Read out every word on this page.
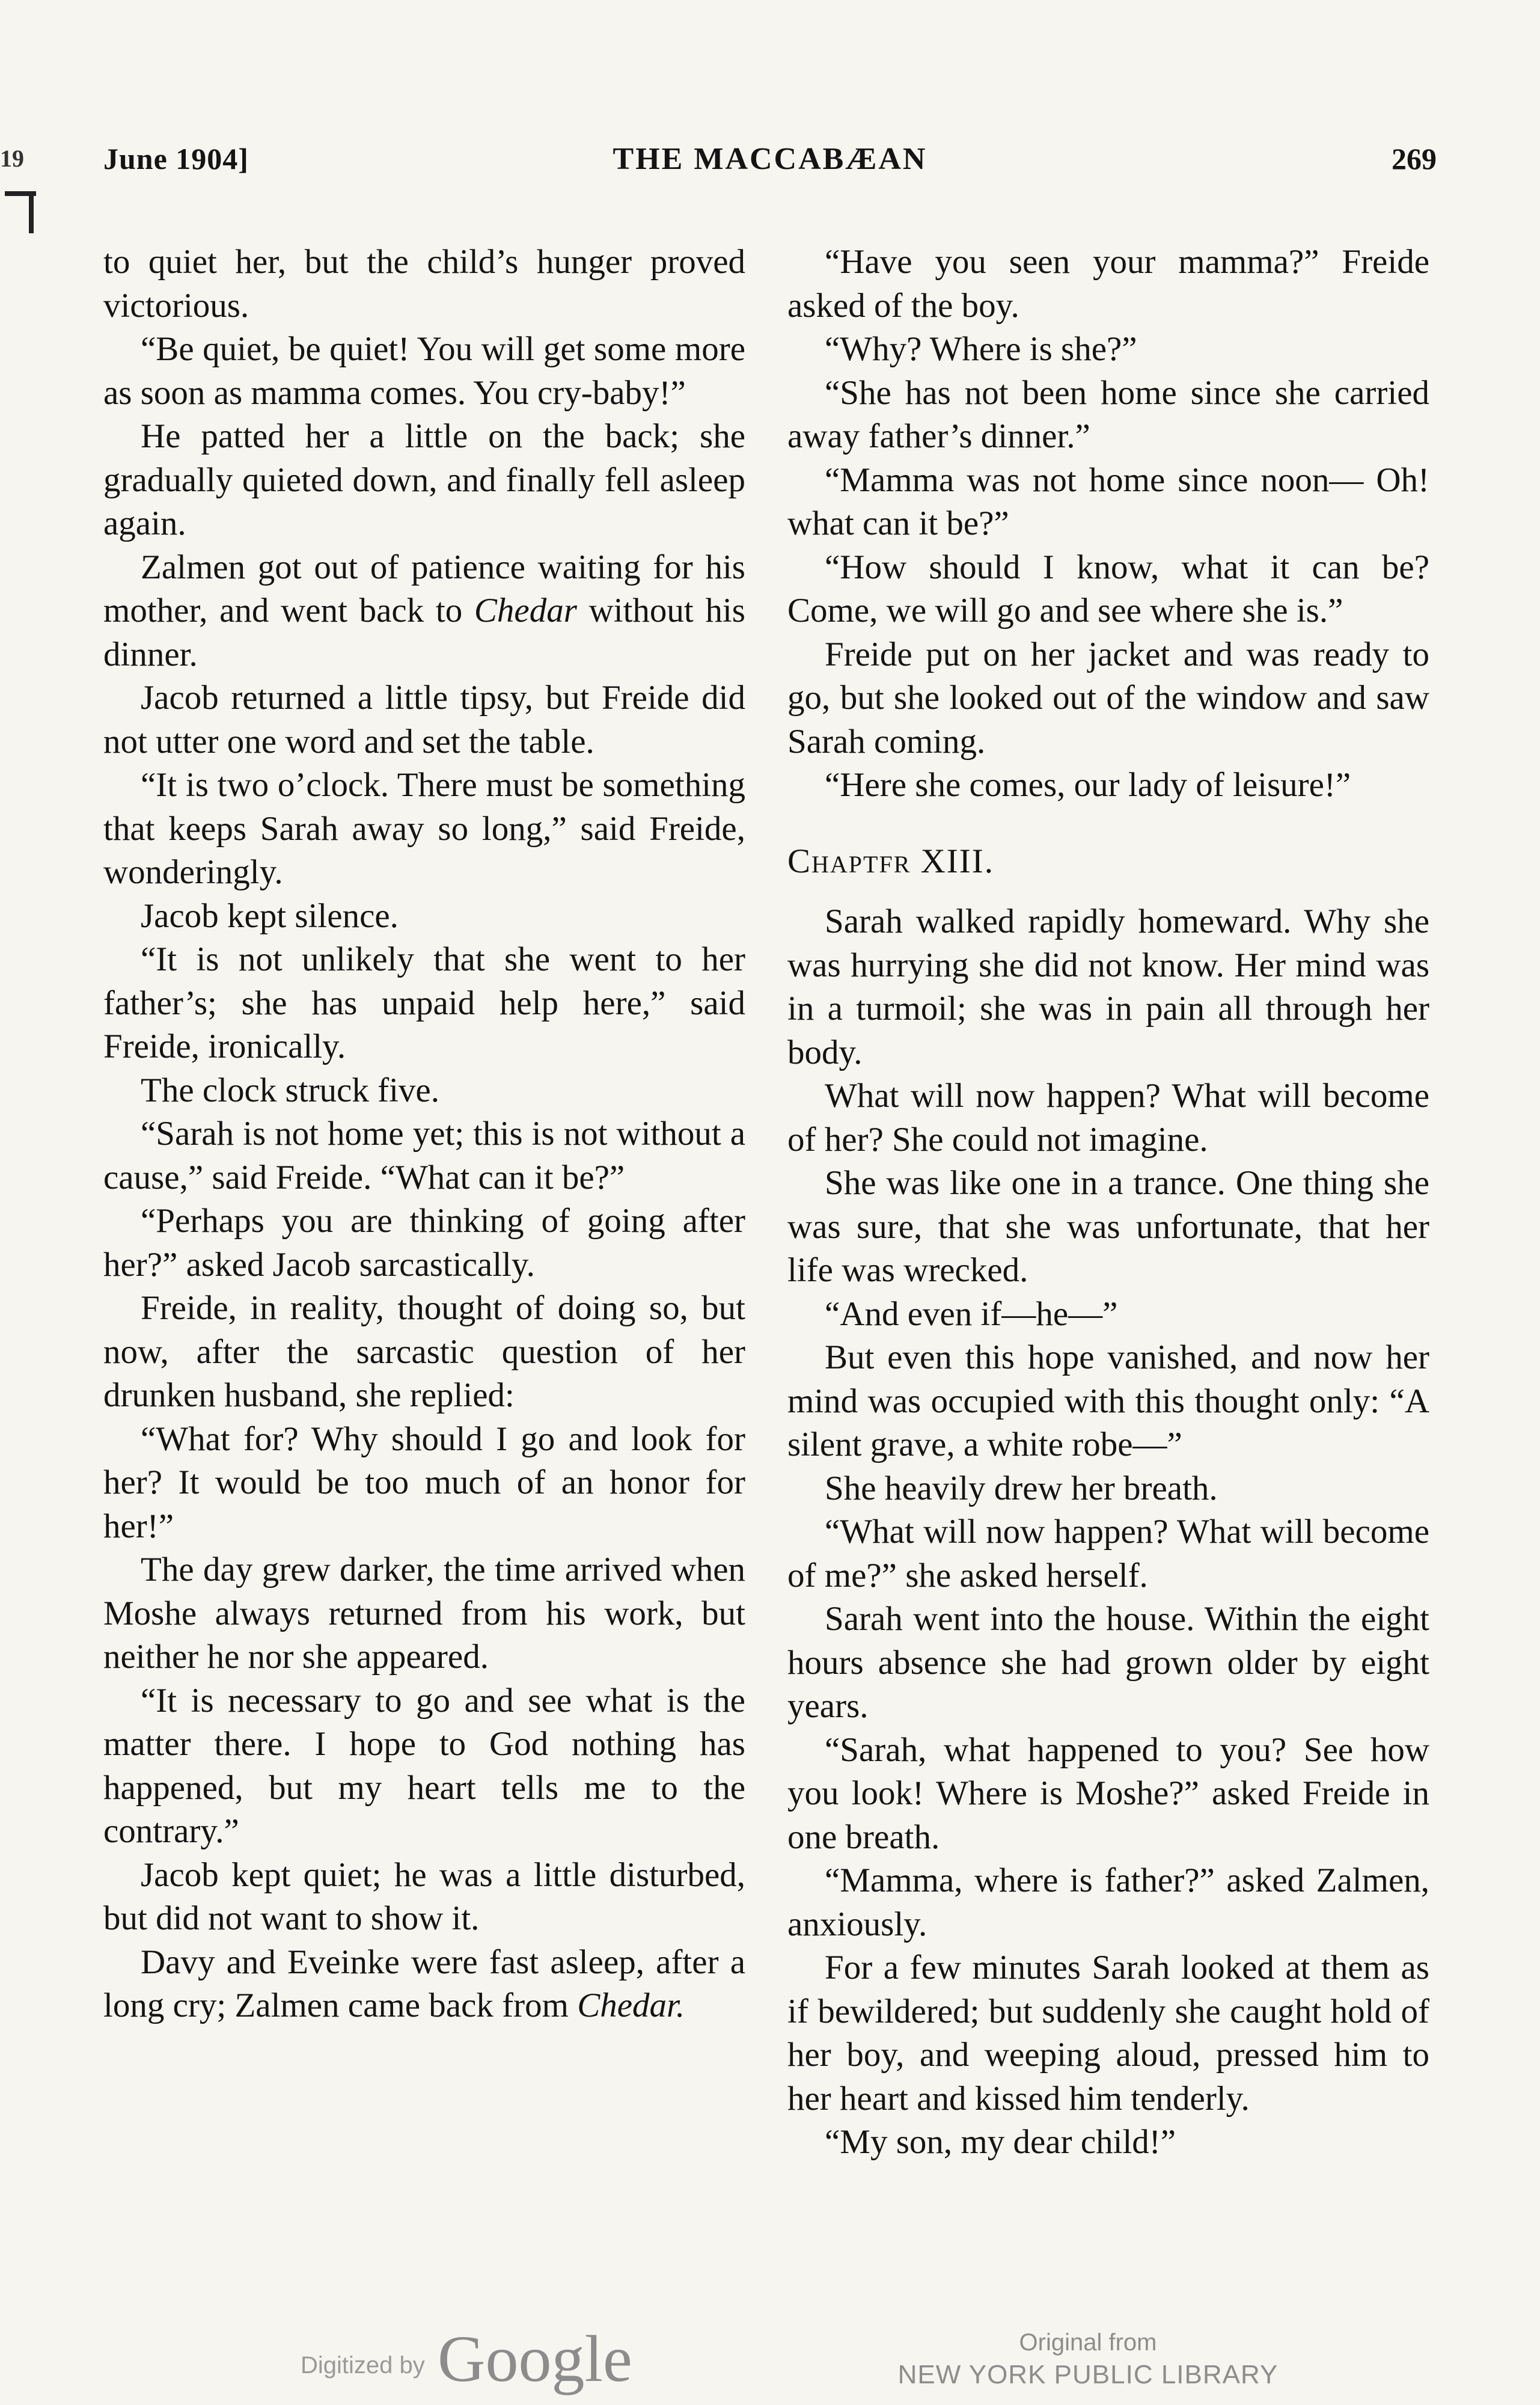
19	June 1904]	THE MACCABÆAN	269

to quiet her, but the child’s hunger proved victorious.

“Be quiet, be quiet! You will get some more as soon as mamma comes. You cry-baby!”

He patted her a little on the back; she gradually quieted down, and finally fell asleep again.

Zalmen got out of patience waiting for his mother, and went back to Chedar without his dinner.

Jacob returned a little tipsy, but Freide did not utter one word and set the table.

“It is two o’clock. There must be something that keeps Sarah away so long,” said Freide, wonderingly.

Jacob kept silence.

“It is not unlikely that she went to her father’s; she has unpaid help here,” said Freide, ironically.

The clock struck five.

“Sarah is not home yet; this is not without a cause,” said Freide. “What can it be?”

“Perhaps you are thinking of going after her?” asked Jacob sarcastically.

Freide, in reality, thought of doing so, but now, after the sarcastic question of her drunken husband, she replied:

“What for? Why should I go and look for her? It would be too much of an honor for her!”

The day grew darker, the time arrived when Moshe always returned from his work, but neither he nor she appeared.

“It is necessary to go and see what is the matter there. I hope to God nothing has happened, but my heart tells me to the contrary.”

Jacob kept quiet; he was a little disturbed, but did not want to show it.

Davy and Eveinke were fast asleep, after a long cry; Zalmen came back from Chedar.

“Have you seen your mamma?” Freide asked of the boy.

“Why? Where is she?”

“She has not been home since she carried away father’s dinner.”

“Mamma was not home since noon— Oh! what can it be?”

“How should I know, what it can be? Come, we will go and see where she is.”

Freide put on her jacket and was ready to go, but she looked out of the window and saw Sarah coming.

“Here she comes, our lady of leisure!”

Chaptfr XIII.

Sarah walked rapidly homeward. Why she was hurrying she did not know. Her mind was in a turmoil; she was in pain all through her body.

What will now happen? What will become of her? She could not imagine.

She was like one in a trance. One thing she was sure, that she was unfortunate, that her life was wrecked.

“And even if—he—”

But even this hope vanished, and now her mind was occupied with this thought only: “A silent grave, a white robe—”

She heavily drew her breath.

“What will now happen? What will become of me?” she asked herself.

Sarah went into the house. Within the eight hours absence she had grown older by eight years.

“Sarah, what happened to you? See how you look! Where is Moshe?” asked Freide in one breath.

“Mamma, where is father?” asked Zalmen, anxiously.

For a few minutes Sarah looked at them as if bewildered; but suddenly she caught hold of her boy, and weeping aloud, pressed him to her heart and kissed him tenderly.

“My son, my dear child!”

Digitized by Google	Original from
NEW YORK PUBLIC LIBRARY
